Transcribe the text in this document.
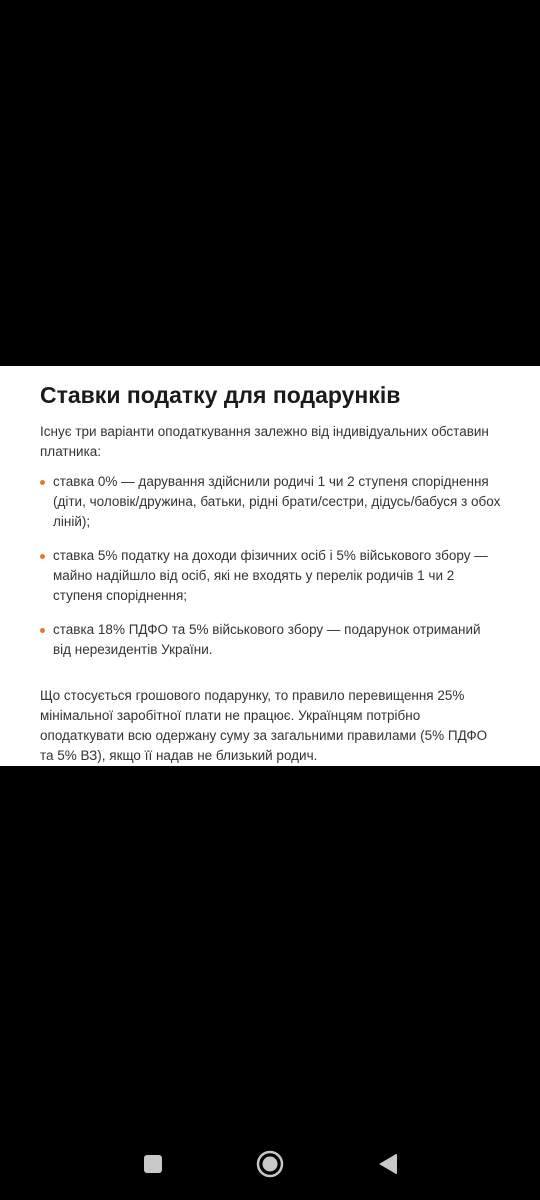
Ставки податку для подарунків

Існує три варіанти оподаткування залежно від індивідуальних обставин платника:

ставка 0% — дарування здійснили родичі 1 чи 2 ступеня споріднення (діти, чоловік/дружина, батьки, рідні брати/сестри, дідусь/бабуся з обох ліній);
ставка 5% податку на доходи фізичних осіб і 5% військового збору — майно надійшло від осіб, які не входять у перелік родичів 1 чи 2 ступеня споріднення;
ставка 18% ПДФО та 5% військового збору — подарунок отриманий від нерезидентів України.

Що стосується грошового подарунку, то правило перевищення 25% мінімальної заробітної плати не працює. Українцям потрібно оподаткувати всю одержану суму за загальними правилами (5% ПДФО та 5% ВЗ), якщо її надав не близький родич.
